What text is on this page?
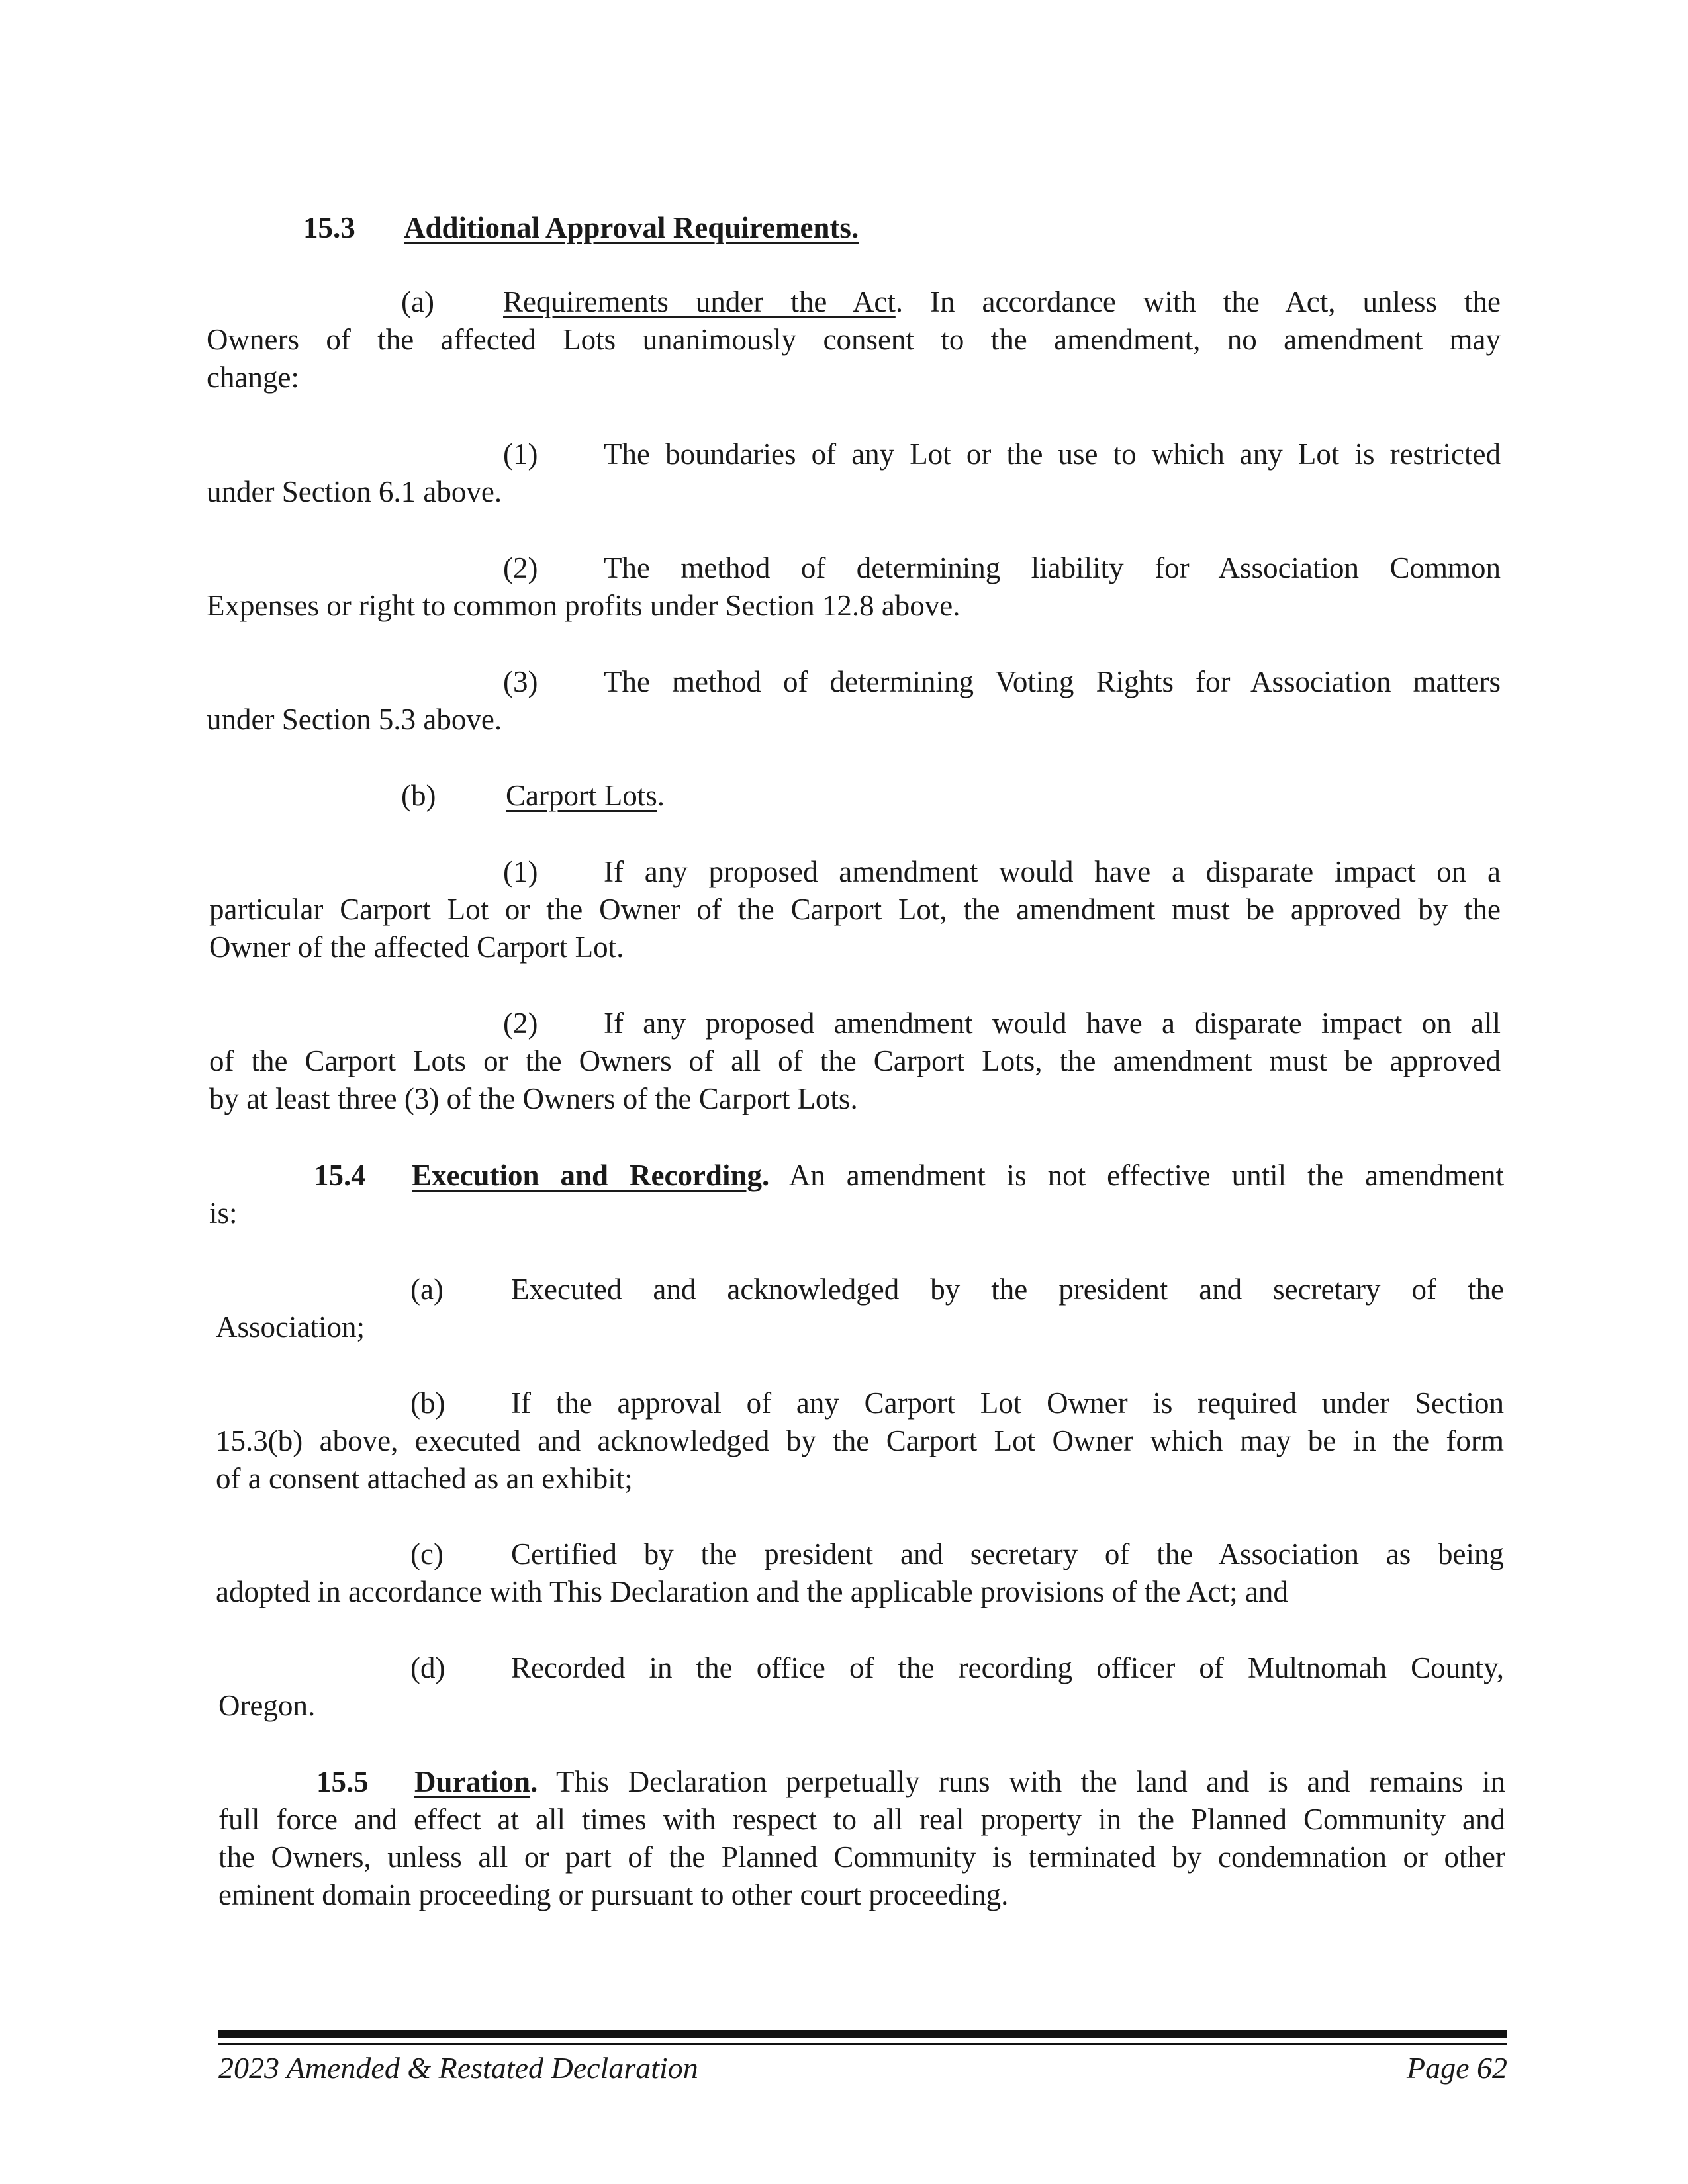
15.3 Additional Approval Requirements.
(a) Requirements under the Act. In accordance with the Act, unless the
Owners of the affected Lots unanimously consent to the amendment, no amendment may
change:
(1) The boundaries of any Lot or the use to which any Lot is restricted
under Section 6.1 above.
(2) The method of determining liability for Association Common
Expenses or right to common profits under Section 12.8 above.
(3) The method of determining Voting Rights for Association matters
under Section 5.3 above.
(b) Carport Lots.
(1) If any proposed amendment would have a disparate impact on a
particular Carport Lot or the Owner of the Carport Lot, the amendment must be approved by the
Owner of the affected Carport Lot.
(2) If any proposed amendment would have a disparate impact on all
of the Carport Lots or the Owners of all of the Carport Lots, the amendment must be approved
by at least three (3) of the Owners of the Carport Lots.
15.4 Execution and Recording. An amendment is not effective until the amendment
is:
(a) Executed and acknowledged by the president and secretary of the
Association;
(b) If the approval of any Carport Lot Owner is required under Section
15.3(b) above, executed and acknowledged by the Carport Lot Owner which may be in the form
of a consent attached as an exhibit;
(c) Certified by the president and secretary of the Association as being
adopted in accordance with This Declaration and the applicable provisions of the Act; and
(d) Recorded in the office of the recording officer of Multnomah County,
Oregon.
15.5 Duration. This Declaration perpetually runs with the land and is and remains in
full force and effect at all times with respect to all real property in the Planned Community and
the Owners, unless all or part of the Planned Community is terminated by condemnation or other
eminent domain proceeding or pursuant to other court proceeding.
2023 Amended & Restated Declaration	Page 62
